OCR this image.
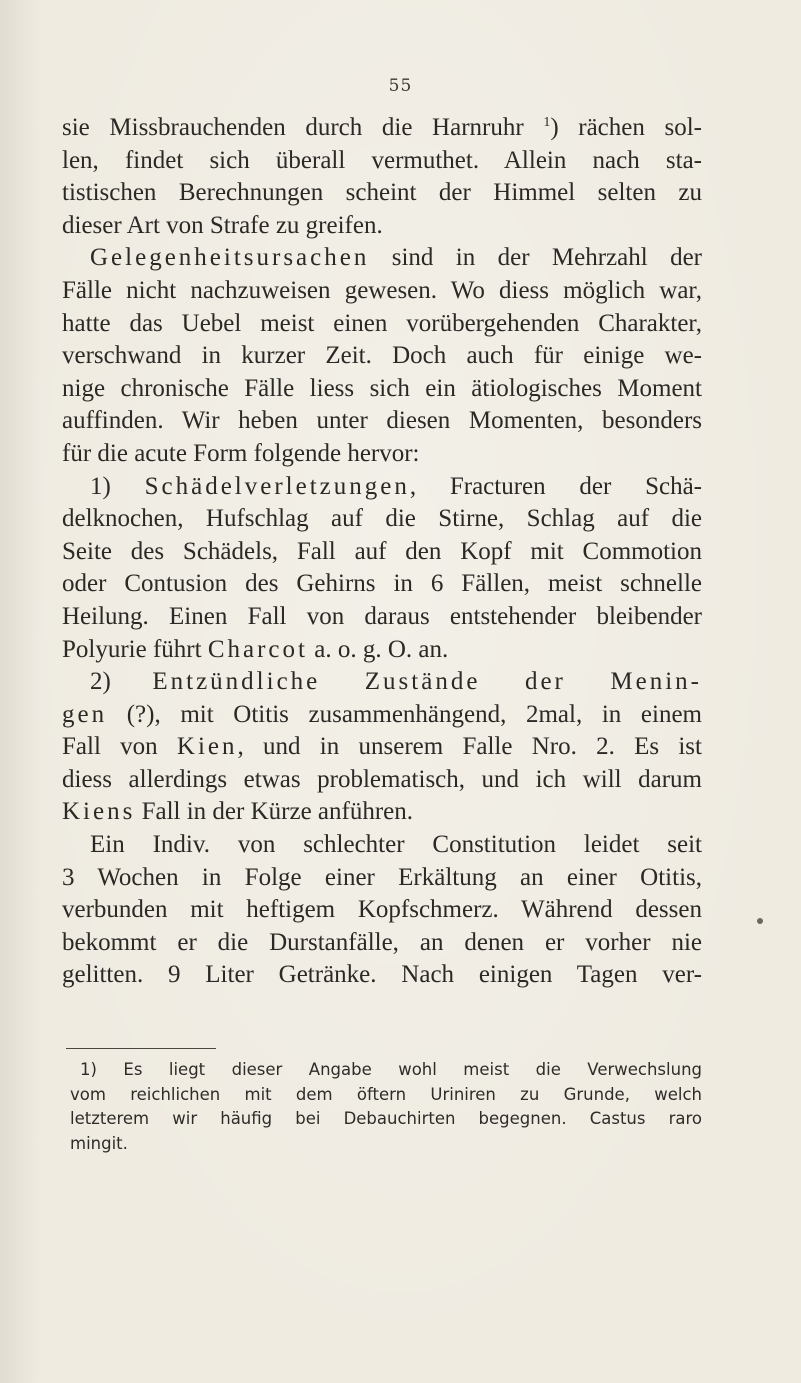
55
sie Missbrauchenden durch die Harnruhr $^1$) rächen sol-
len, findet sich überall vermuthet. Allein nach sta-
tistischen Berechnungen scheint der Himmel selten zu
dieser Art von Strafe zu greifen.
Gelegenheitsursachen sind in der Mehrzahl der
Fälle nicht nachzuweisen gewesen. Wo diess möglich war,
hatte das Uebel meist einen vorübergehenden Charakter,
verschwand in kurzer Zeit. Doch auch für einige we-
nige chronische Fälle liess sich ein ätiologisches Moment
auffinden. Wir heben unter diesen Momenten, besonders
für die acute Form folgende hervor:
1) Schädelverletzungen, Fracturen der Schä-
delknochen, Hufschlag auf die Stirne, Schlag auf die
Seite des Schädels, Fall auf den Kopf mit Commotion
oder Contusion des Gehirns in 6 Fällen, meist schnelle
Heilung. Einen Fall von daraus entstehender bleibender
Polyurie führt Charcot a. o. g. O. an.
2) Entzündliche Zustände der Menin-
gen (?), mit Otitis zusammenhängend, 2mal, in einem
Fall von Kien, und in unserem Falle Nro. 2. Es ist
diess allerdings etwas problematisch, und ich will darum
Kiens Fall in der Kürze anführen.
Ein Indiv. von schlechter Constitution leidet seit
3 Wochen in Folge einer Erkältung an einer Otitis,
verbunden mit heftigem Kopfschmerz. Während dessen
bekommt er die Durstanfälle, an denen er vorher nie
gelitten. 9 Liter Getränke. Nach einigen Tagen ver-
1) Es liegt dieser Angabe wohl meist die Verwechslung
vom reichlichen mit dem öftern Uriniren zu Grunde, welch
letzterem wir häufig bei Debauchirten begegnen. Castus raro
mingit.
